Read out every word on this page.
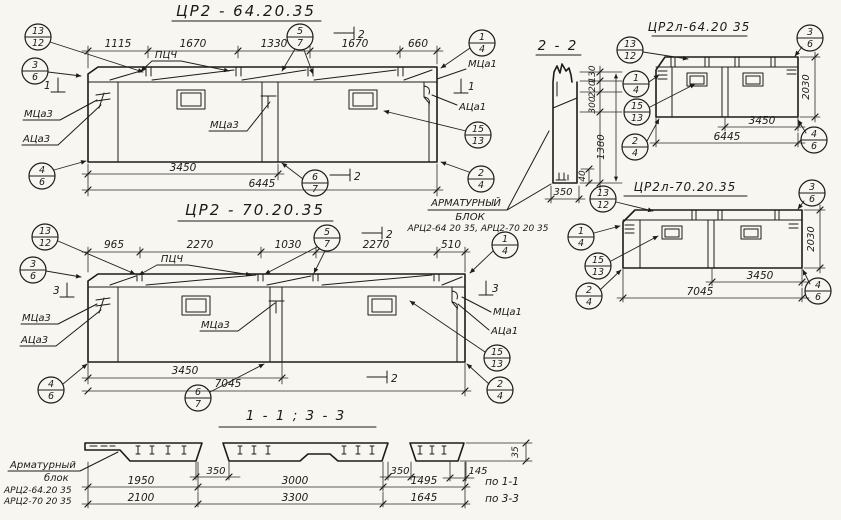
ЦР2 - 64.20.35
1115	1670	1330	1670	660
3450
6445
ПЦЧ
МЦа3
АЦа3
МЦа3
МЦа1
АЦа1
1	1
2
2
13
12
3
6
4
6
5
7
6
7
1
4
15
13
2
4
2 - 2
350
130
220
300
1380
40
АРМАТУРНЫЙ
БЛОК
АРЦ2-64 20 35, АРЦ2-70 20 35
ЦР2л-64.20 35
3450
6445
2030
13
12
1
4
15
13
2
4
3
6
4
6
ЦР2л-70.20.35
3450
7045
2030
13
12
1
4
15
13
2
4
3
6
4
6
ЦР2 - 70.20.35
965	2270	1030	2270	510
3450
7045
ПЦЧ
МЦа3
АЦа3
МЦа3
МЦа1
АЦа1
3	3
2
2
13
12
3
6
4
6
5
7
6
7
1
4
15
13
2
4
1 - 1 ; 3 - 3
35
350	350	145
1950	3000	1495	по 1-1
2100	3300	1645	по 3-3
Арматурный
блок
АРЦ2-64.20 35
АРЦ2-70 20 35
